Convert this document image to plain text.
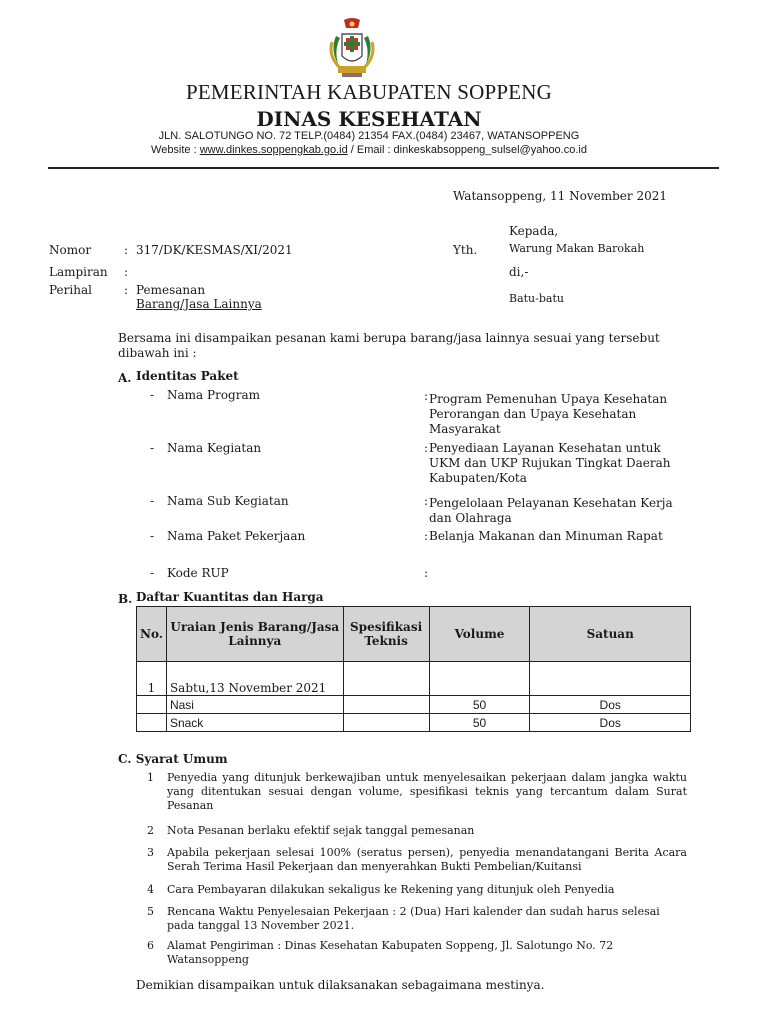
PEMERINTAH KABUPATEN SOPPENG
DINAS KESEHATAN
JLN. SALOTUNGO NO. 72 TELP.(0484) 21354 FAX.(0484) 23467, WATANSOPPENG
Website : www.dinkes.soppengkab.go.id / Email : dinkeskabsoppeng_sulsel@yahoo.co.id
Watansoppeng, 11 November 2021
Kepada,
Yth.	Warung Makan Barokah
di,-
Batu-batu
Nomor	: 317/DK/KESMAS/XI/2021
Lampiran :
Perihal	: Pemesanan
Barang/Jasa Lainnya
Bersama ini disampaikan pesanan kami berupa barang/jasa lainnya sesuai yang tersebut dibawah ini :
A. Identitas Paket
- Nama Program	: Program Pemenuhan Upaya Kesehatan Perorangan dan Upaya Kesehatan Masyarakat
- Nama Kegiatan	: Penyediaan Layanan Kesehatan untuk UKM dan UKP Rujukan Tingkat Daerah Kabupaten/Kota
- Nama Sub Kegiatan	: Pengelolaan Pelayanan Kesehatan Kerja dan Olahraga
- Nama Paket Pekerjaan	: Belanja Makanan dan Minuman Rapat
- Kode RUP	:
B. Daftar Kuantitas dan Harga
No.	Uraian Jenis Barang/Jasa Lainnya	Spesifikasi Teknis	Volume	Satuan
1	Sabtu,13 November 2021			
	Nasi		50	Dos
	Snack		50	Dos
C. Syarat Umum
1 Penyedia yang ditunjuk berkewajiban untuk menyelesaikan pekerjaan dalam jangka waktu yang ditentukan sesuai dengan volume, spesifikasi teknis yang tercantum dalam Surat Pesanan
2 Nota Pesanan berlaku efektif sejak tanggal pemesanan
3 Apabila pekerjaan selesai 100% (seratus persen), penyedia menandatangani Berita Acara Serah Terima Hasil Pekerjaan dan menyerahkan Bukti Pembelian/Kuitansi
4 Cara Pembayaran dilakukan sekaligus ke Rekening yang ditunjuk oleh Penyedia
5 Rencana Waktu Penyelesaian Pekerjaan : 2 (Dua) Hari kalender dan sudah harus selesai pada tanggal 13 November 2021.
6 Alamat Pengiriman : Dinas Kesehatan Kabupaten Soppeng, Jl. Salotungo No. 72 Watansoppeng
Demikian disampaikan untuk dilaksanakan sebagaimana mestinya.
